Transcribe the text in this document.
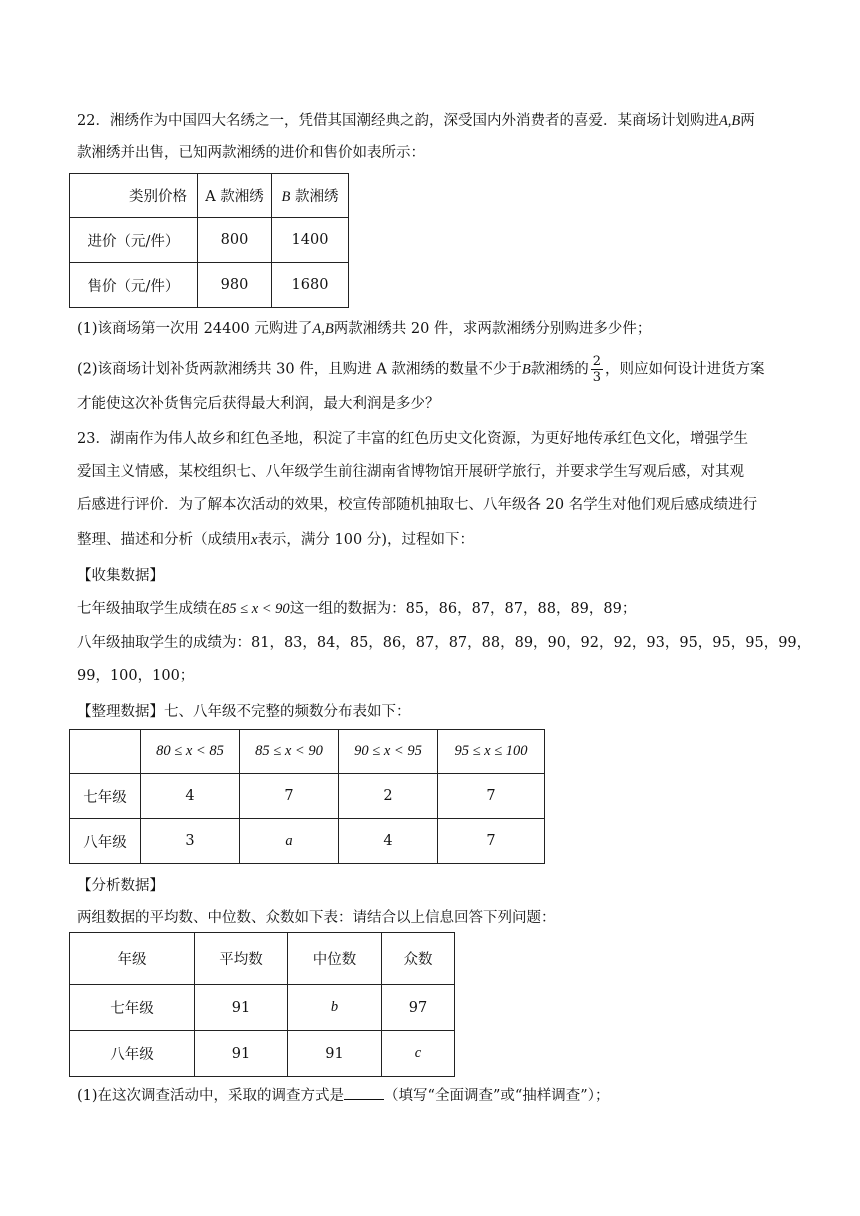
22．湘绣作为中国四大名绣之一，凭借其国潮经典之韵，深受国内外消费者的喜爱．某商场计划购进A,B两
款湘绣并出售，已知两款湘绣的进价和售价如表所示：
类别价格	A 款湘绣	B 款湘绣
进价（元/件）	800	1400
售价（元/件）	980	1680
(1)该商场第一次用 24400 元购进了A,B两款湘绣共 20 件，求两款湘绣分别购进多少件；
(2)该商场计划补货两款湘绣共 30 件，且购进 A 款湘绣的数量不少于B款湘绣的 $\frac{2}{3}$ ，则应如何设计进货方案
才能使这次补货售完后获得最大利润，最大利润是多少？
23．湖南作为伟人故乡和红色圣地，积淀了丰富的红色历史文化资源，为更好地传承红色文化，增强学生
爱国主义情感，某校组织七、八年级学生前往湖南省博物馆开展研学旅行，并要求学生写观后感，对其观
后感进行评价．为了解本次活动的效果，校宣传部随机抽取七、八年级各 20 名学生对他们观后感成绩进行
整理、描述和分析（成绩用x表示，满分 100 分)，过程如下：
【收集数据】
七年级抽取学生成绩在85 ≤ x < 90这一组的数据为：85，86，87，87，88，89，89；
八年级抽取学生的成绩为：81，83，84，85，86，87，87，88，89，90，92，92，93，95，95，95，99，
99，100，100；
【整理数据】七、八年级不完整的频数分布表如下：
	80 ≤ x < 85	85 ≤ x < 90	90 ≤ x < 95	95 ≤ x ≤ 100
七年级	4	7	2	7
八年级	3	a	4	7
【分析数据】
两组数据的平均数、中位数、众数如下表：请结合以上信息回答下列问题：
年级	平均数	中位数	众数
七年级	91	b	97
八年级	91	91	c
(1)在这次调查活动中，采取的调查方式是	（填写“全面调查”或“抽样调查”）；
